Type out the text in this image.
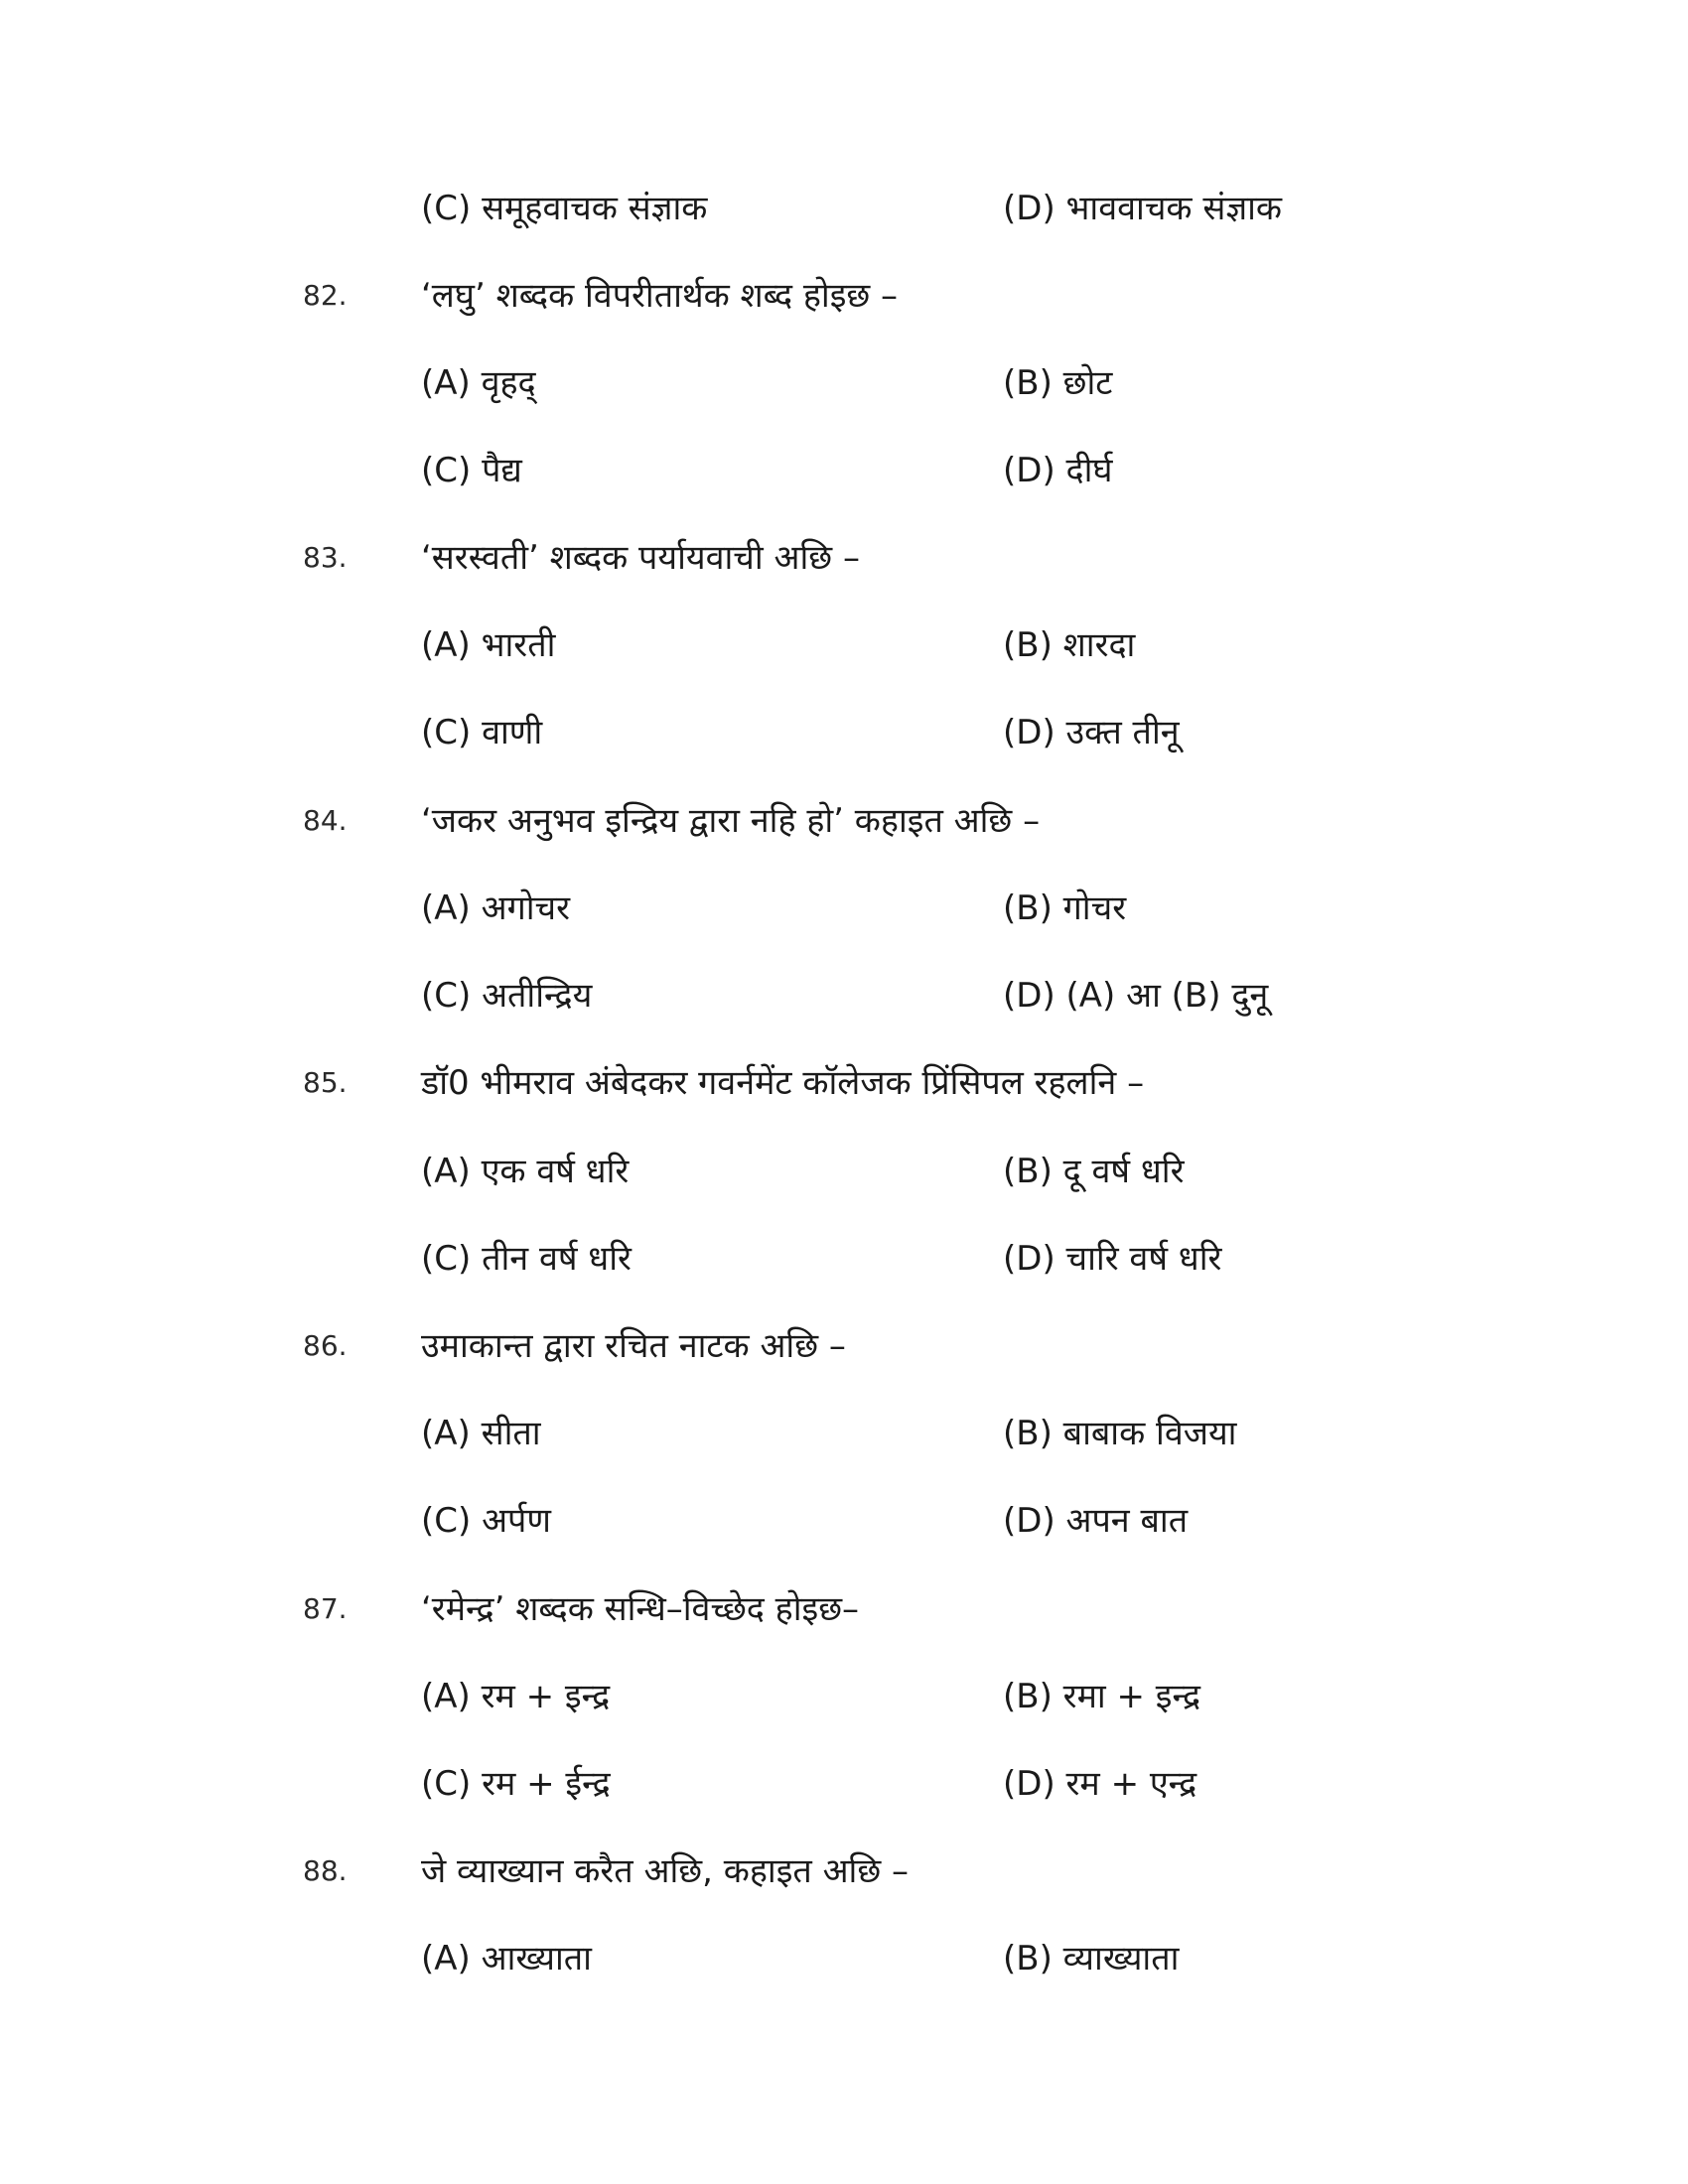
(C) समूहवाचक संज्ञाक	(D) भाववाचक संज्ञाक
82. ‘लघु’ शब्दक विपरीतार्थक शब्द होइछ –
(A) वृहद्	(B) छोट
(C) पैद्य	(D) दीर्घ
83. ‘सरस्वती’ शब्दक पर्यायवाची अछि –
(A) भारती	(B) शारदा
(C) वाणी	(D) उक्त तीनू
84. ‘जकर अनुभव इन्द्रिय द्वारा नहि हो’ कहाइत अछि –
(A) अगोचर	(B) गोचर
(C) अतीन्द्रिय	(D) (A) आ (B) दुनू
85. डॉ0 भीमराव अंबेदकर गवर्नमेंट कॉलेजक प्रिंसिपल रहलनि –
(A) एक वर्ष धरि	(B) दू वर्ष धरि
(C) तीन वर्ष धरि	(D) चारि वर्ष धरि
86. उमाकान्त द्वारा रचित नाटक अछि –
(A) सीता	(B) बाबाक विजया
(C) अर्पण	(D) अपन बात
87. ‘रमेन्द्र’ शब्दक सन्धि–विच्छेद होइछ–
(A) रम + इन्द्र	(B) रमा + इन्द्र
(C) रम + ईन्द्र	(D) रम + एन्द्र
88. जे व्याख्यान करैत अछि, कहाइत अछि –
(A) आख्याता	(B) व्याख्याता
